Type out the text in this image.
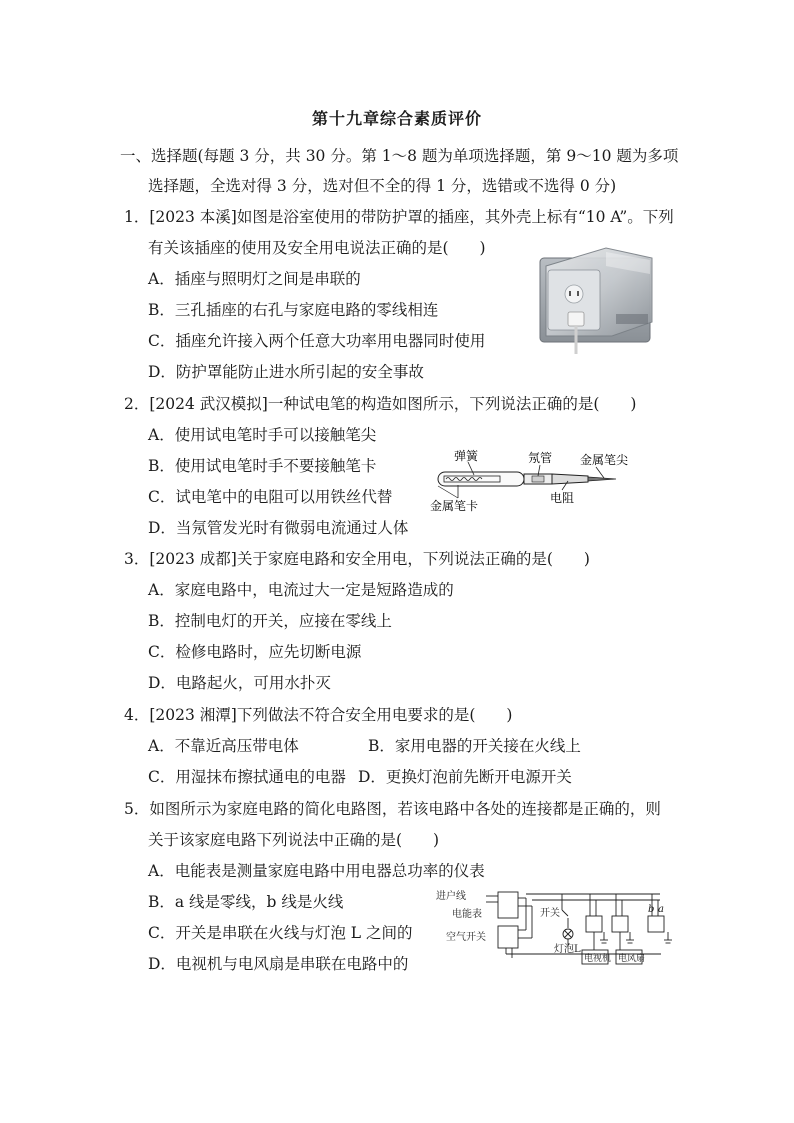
第十九章综合素质评价
一、选择题(每题 3 分，共 30 分。第 1～8 题为单项选择题，第 9～10 题为多项
选择题，全选对得 3 分，选对但不全的得 1 分，选错或不选得 0 分)
1．[2023 本溪]如图是浴室使用的带防护罩的插座，其外壳上标有“10 A”。下列
有关该插座的使用及安全用电说法正确的是(　　)
A．插座与照明灯之间是串联的
B．三孔插座的右孔与家庭电路的零线相连
C．插座允许接入两个任意大功率用电器同时使用
D．防护罩能防止进水所引起的安全事故
2．[2024 武汉模拟]一种试电笔的构造如图所示，下列说法正确的是(　　)
A．使用试电笔时手可以接触笔尖
B．使用试电笔时手不要接触笔卡
C．试电笔中的电阻可以用铁丝代替
D．当氖管发光时有微弱电流通过人体
弹簧	氖管 金属笔尖
金属笔卡
电阻
3．[2023 成都]关于家庭电路和安全用电，下列说法正确的是(　　)
A．家庭电路中，电流过大一定是短路造成的
B．控制电灯的开关，应接在零线上
C．检修电路时，应先切断电源
D．电路起火，可用水扑灭
4．[2023 湘潭]下列做法不符合安全用电要求的是(　　)
A．不靠近高压带电体	B．家用电器的开关接在火线上
C．用湿抹布擦拭通电的电器 D．更换灯泡前先断开电源开关
5．如图所示为家庭电路的简化电路图，若该电路中各处的连接都是正确的，则
关于该家庭电路下列说法中正确的是(　　)
A．电能表是测量家庭电路中用电器总功率的仪表
B．a 线是零线，b 线是火线
C．开关是串联在火线与灯泡 L 之间的
D．电视机与电风扇是串联在电路中的
进户线
电能表
空气开关
开关
灯泡L
电视机 电风扇
b a
